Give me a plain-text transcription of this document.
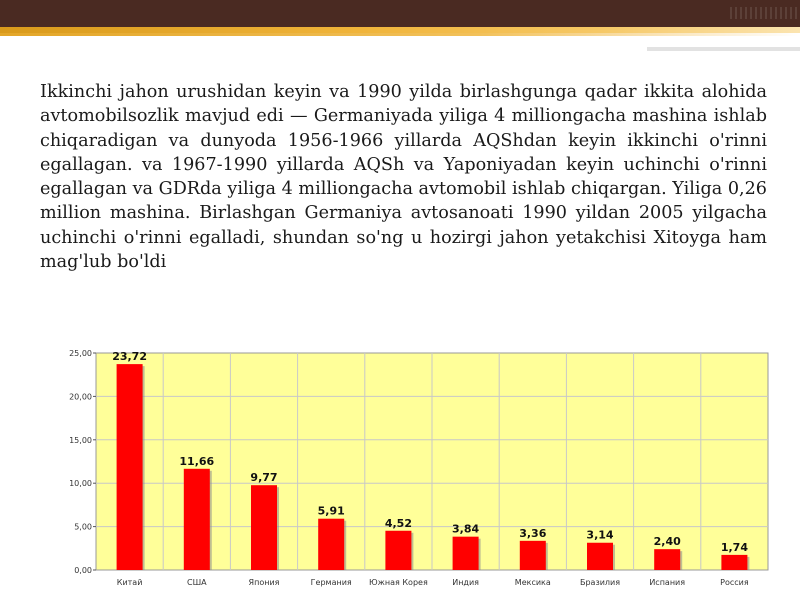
Ikkinchi jahon urushidan keyin va 1990 yilda birlashgunga qadar ikkita alohida avtomobilsozlik mavjud edi — Germaniyada yiliga 4 milliongacha mashina ishlab chiqaradigan va dunyoda 1956-1966 yillarda AQShdan keyin ikkinchi o'rinni egallagan. va 1967-1990 yillarda AQSh va Yaponiyadan keyin uchinchi o'rinni egallagan va GDRda yiliga 4 milliongacha avtomobil ishlab chiqargan. Yiliga 0,26 million mashina. Birlashgan Germaniya avtosanoati 1990 yildan 2005 yilgacha uchinchi o'rinni egalladi, shundan so'ng u hozirgi jahon yetakchisi Xitoyga ham mag'lub bo'ldi

0,00
5,00
10,00
15,00
20,00
25,00 23,72
Китай
11,66
США
9,77
Япония
5,91
Германия
4,52
Южная Корея
3,84
Индия
3,36
Мексика
3,14
Бразилия
2,40
Испания
1,74
Россия
